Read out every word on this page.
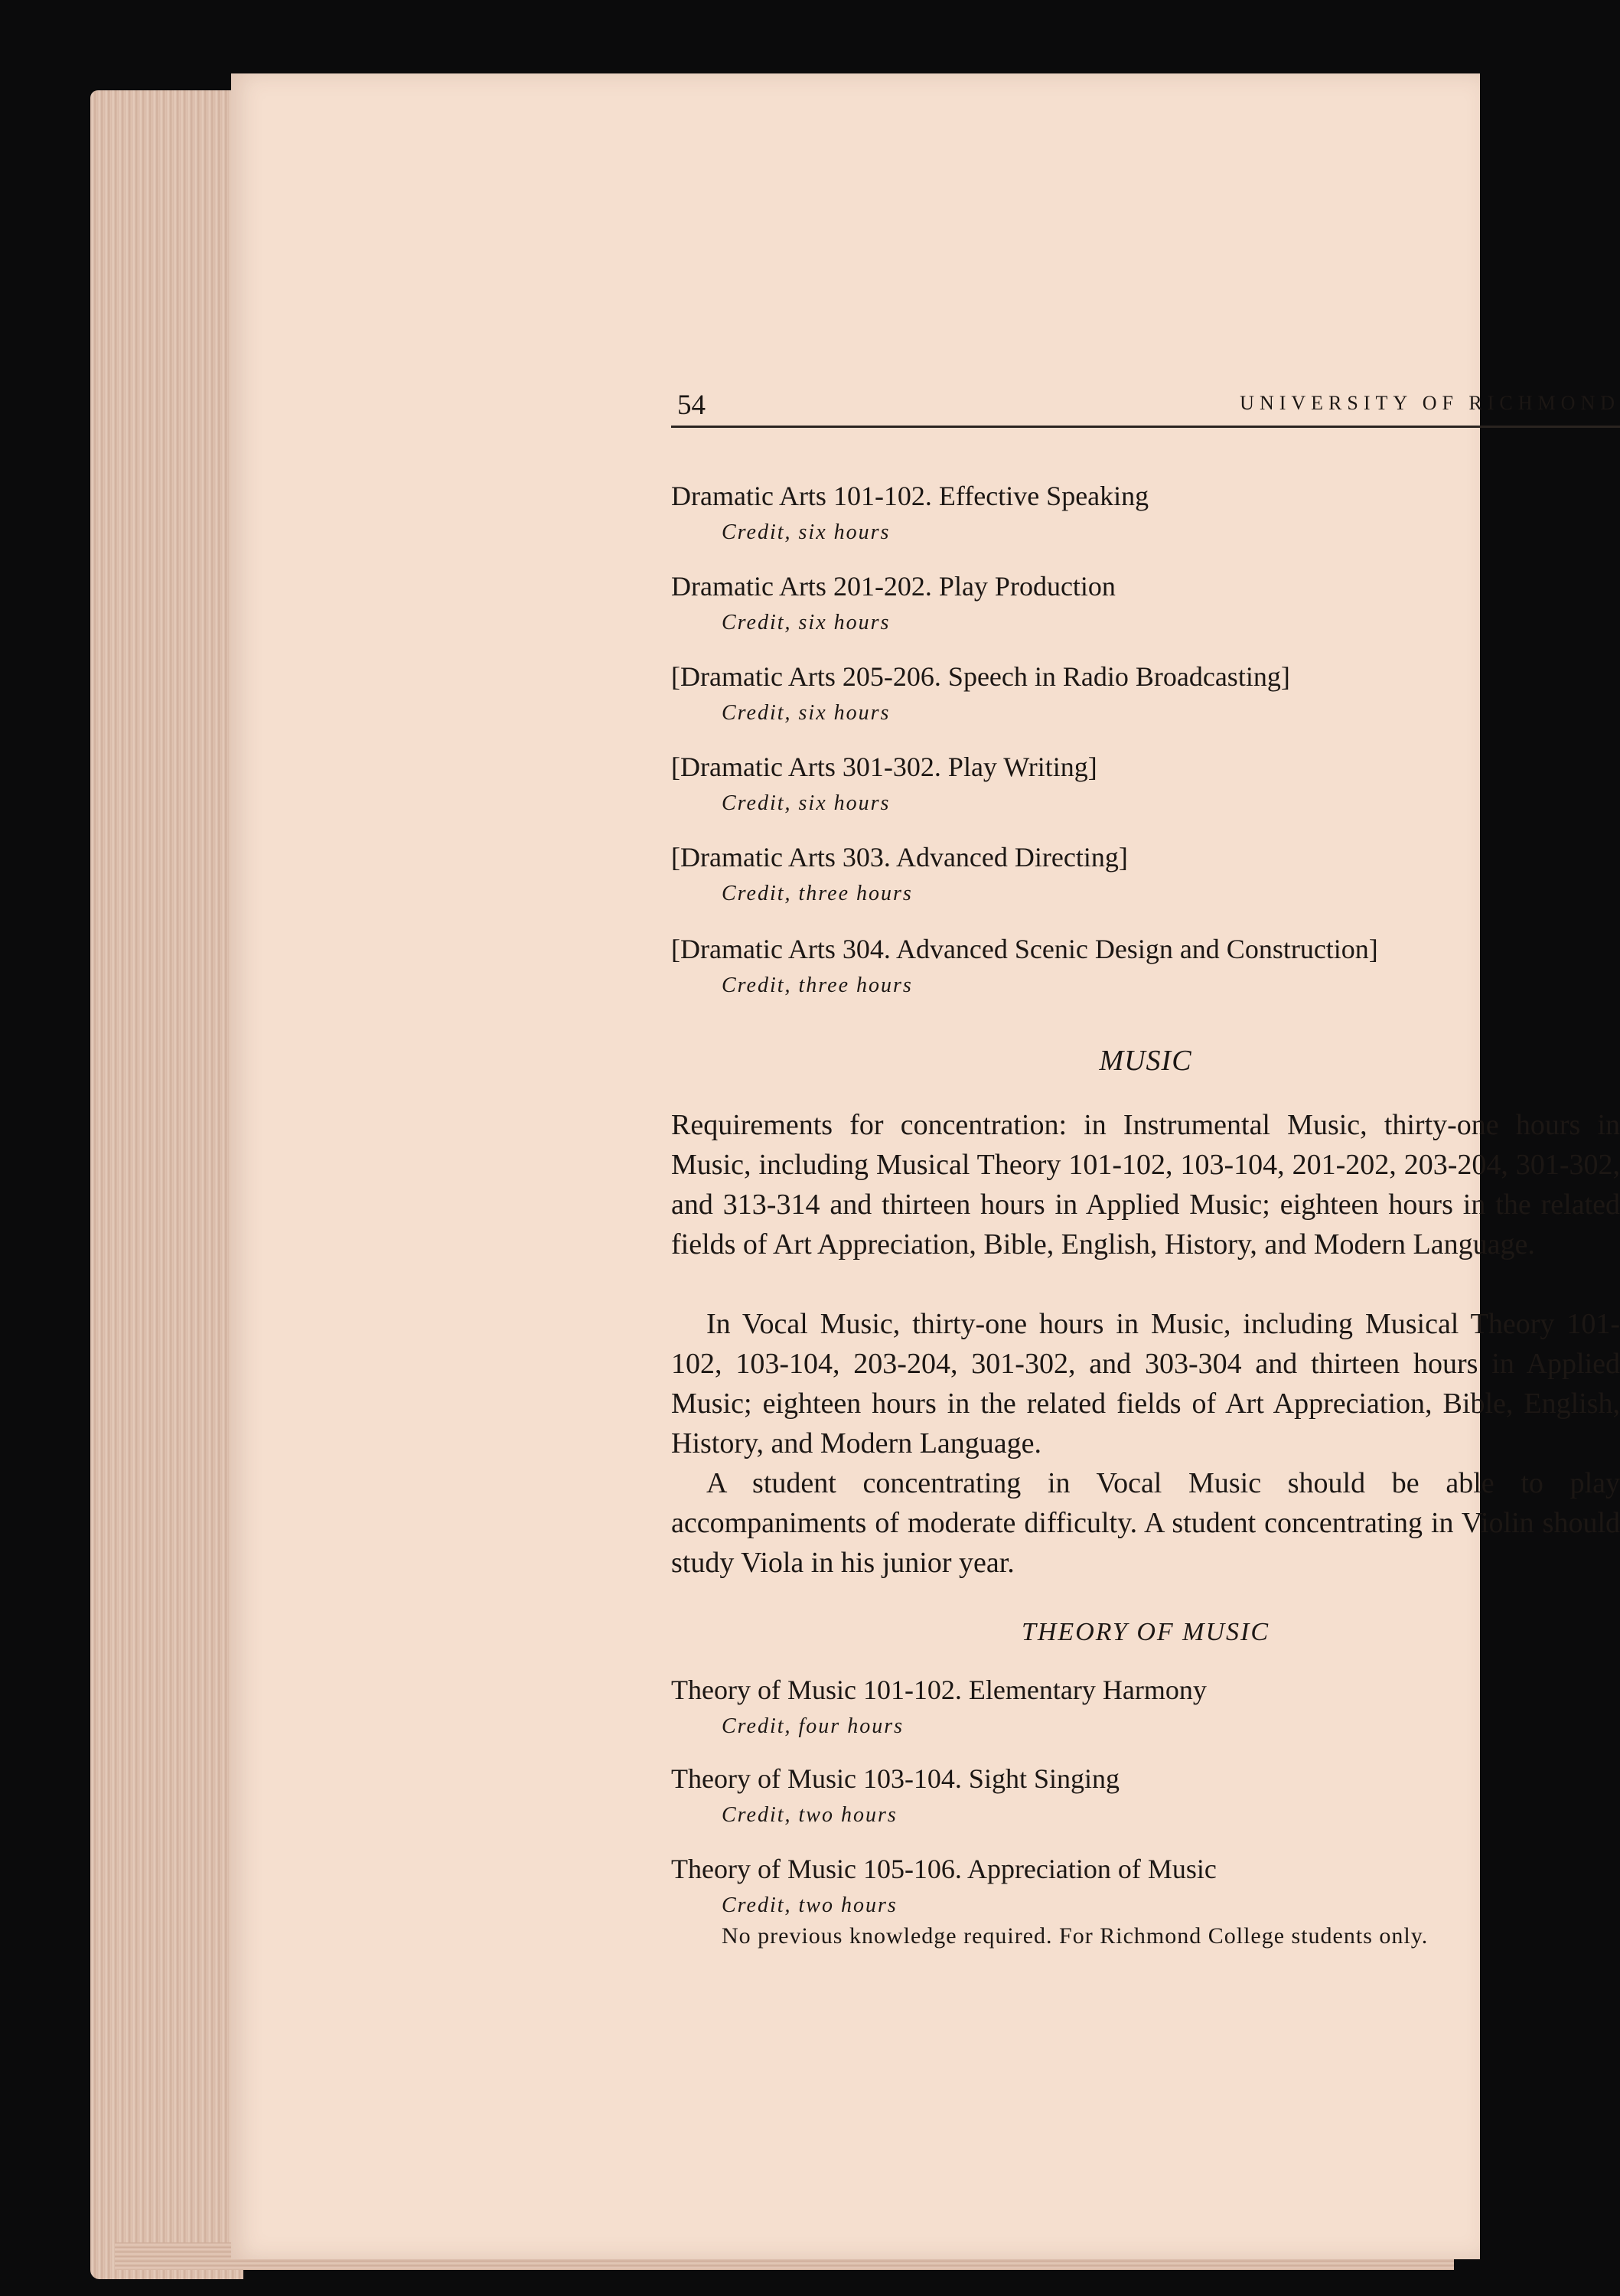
54	UNIVERSITY OF RICHMOND
Dramatic Arts 101-102. Effective Speaking
Credit, six hours
Dramatic Arts 201-202. Play Production
Credit, six hours
[Dramatic Arts 205-206. Speech in Radio Broadcasting]
Credit, six hours
[Dramatic Arts 301-302. Play Writing]
Credit, six hours
[Dramatic Arts 303. Advanced Directing]
Credit, three hours
[Dramatic Arts 304. Advanced Scenic Design and Construction]
Credit, three hours
MUSIC
Requirements for concentration: in Instrumental Music, thirty-one hours in Music, including Musical Theory 101-102, 103-104, 201-202, 203-204, 301-302, and 313-314 and thirteen hours in Applied Music; eighteen hours in the related fields of Art Appreciation, Bible, English, History, and Modern Language.
In Vocal Music, thirty-one hours in Music, including Musical Theory 101-102, 103-104, 203-204, 301-302, and 303-304 and thirteen hours in Applied Music; eighteen hours in the related fields of Art Appreciation, Bible, English, History, and Modern Language.
A student concentrating in Vocal Music should be able to play accompaniments of moderate difficulty. A student concentrating in Violin should study Viola in his junior year.
THEORY OF MUSIC
Theory of Music 101-102. Elementary Harmony
Credit, four hours
Theory of Music 103-104. Sight Singing
Credit, two hours
Theory of Music 105-106. Appreciation of Music
Credit, two hours
No previous knowledge required. For Richmond College students only.
